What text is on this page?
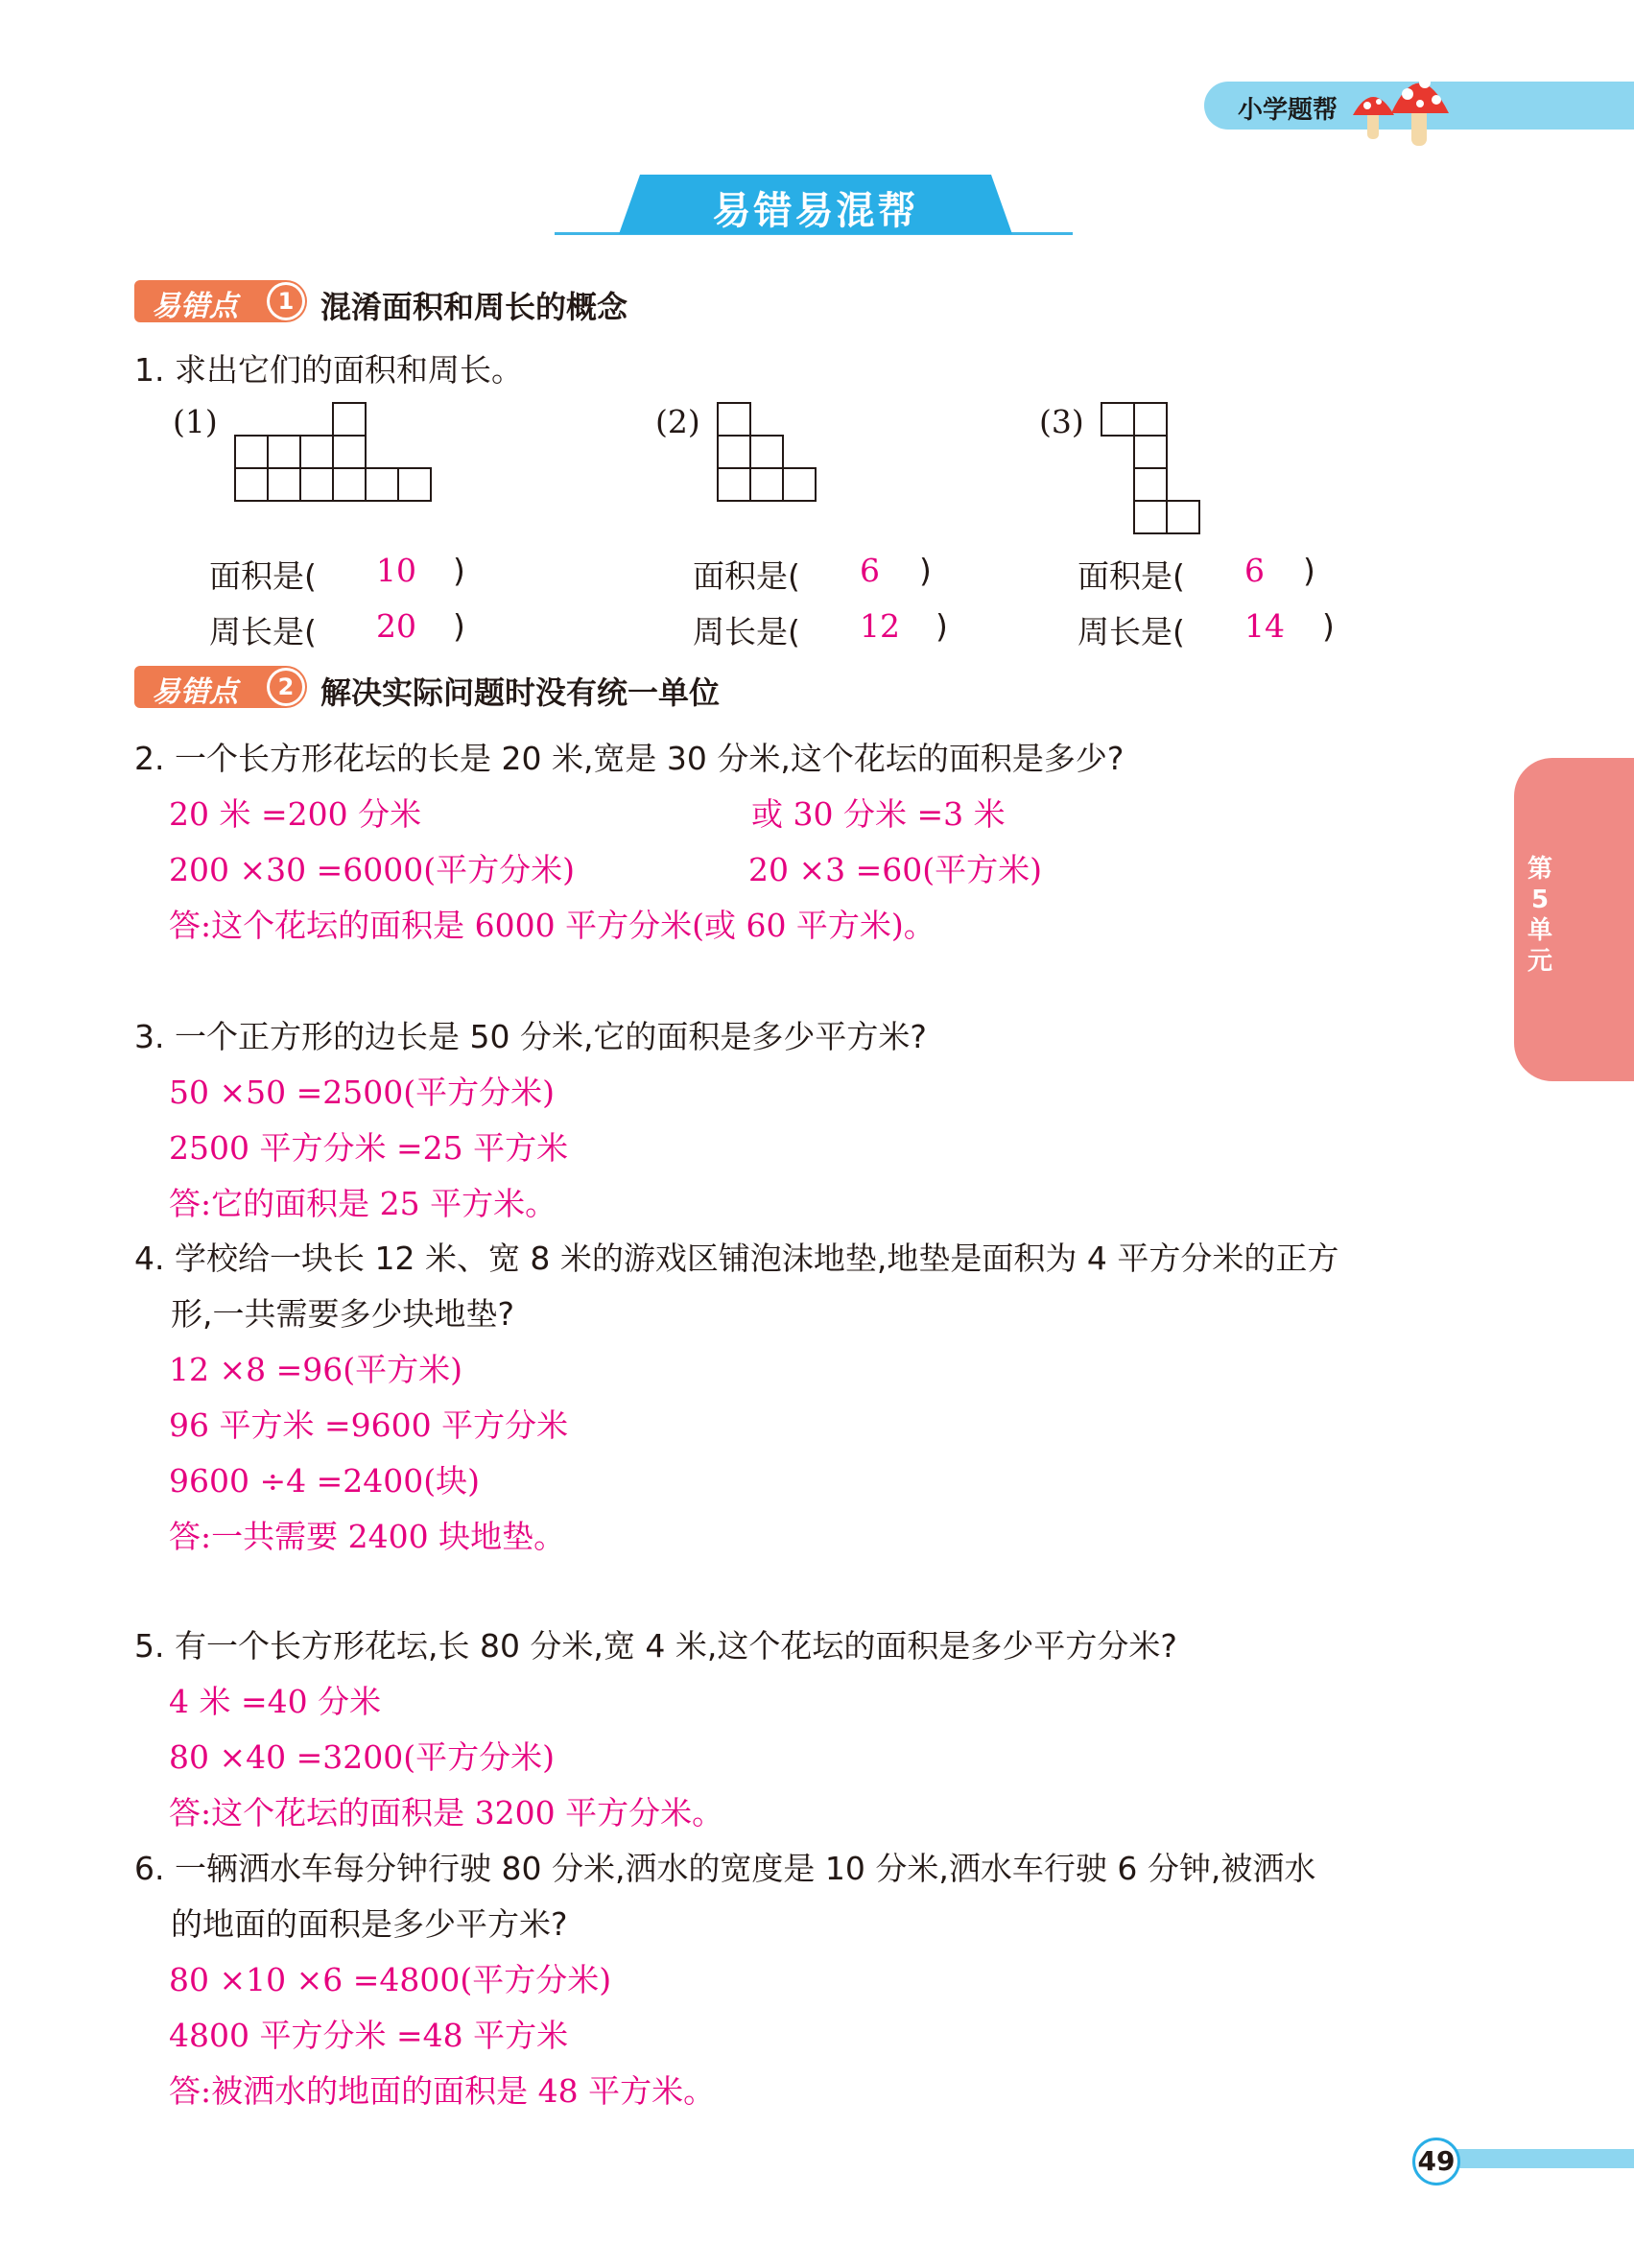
小学题帮
易错易混帮
第5单元
易错点	1 混淆面积和周长的概念
1. 求出它们的面积和周长。
(1)	(2)	(3)
面积是( 10 )
周长是( 20 )
面积是( 6 )
周长是( 12 )
面积是( 6 )
周长是( 14 )
易错点	2 解决实际问题时没有统一单位
2. 一个长方形花坛的长是 20 米,宽是 30 分米,这个花坛的面积是多少?
20 米 =200 分米	或 30 分米 =3 米
200 ×30 =6000(平方分米)	20 ×3 =60(平方米)
答:这个花坛的面积是 6000 平方分米(或 60 平方米)。
3. 一个正方形的边长是 50 分米,它的面积是多少平方米?
50 ×50 =2500(平方分米)
2500 平方分米 =25 平方米
答:它的面积是 25 平方米。
4. 学校给一块长 12 米、宽 8 米的游戏区铺泡沫地垫,地垫是面积为 4 平方分米的正方
形,一共需要多少块地垫?
12 ×8 =96(平方米)
96 平方米 =9600 平方分米
9600 ÷4 =2400(块)
答:一共需要 2400 块地垫。
5. 有一个长方形花坛,长 80 分米,宽 4 米,这个花坛的面积是多少平方分米?
4 米 =40 分米
80 ×40 =3200(平方分米)
答:这个花坛的面积是 3200 平方分米。
6. 一辆洒水车每分钟行驶 80 分米,洒水的宽度是 10 分米,洒水车行驶 6 分钟,被洒水
的地面的面积是多少平方米?
80 ×10 ×6 =4800(平方分米)
4800 平方分米 =48 平方米
答:被洒水的地面的面积是 48 平方米。
49
